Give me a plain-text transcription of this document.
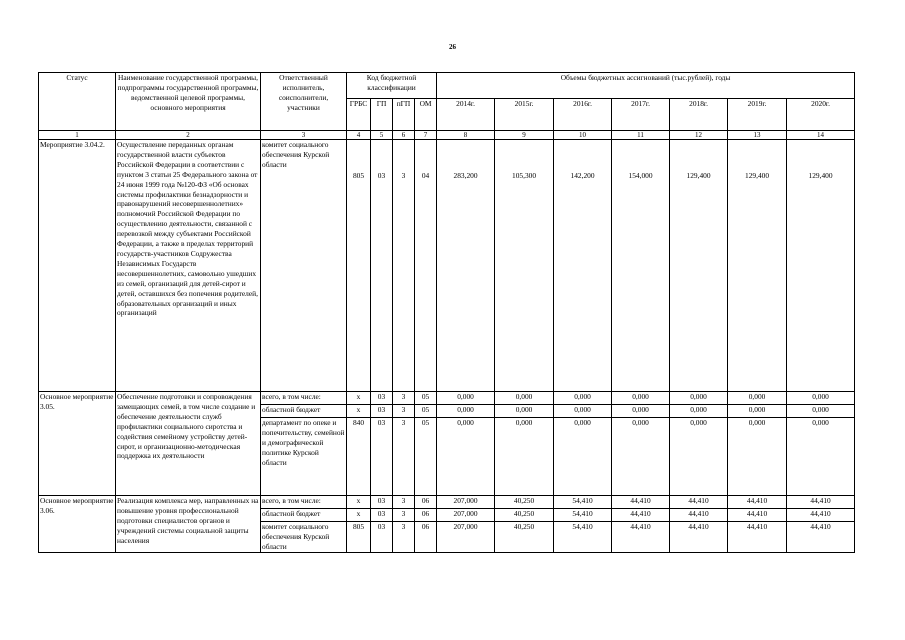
26
Статус	Наименование государственной программы, подпрограммы государственной программы, ведомственной целевой программы, основного мероприятия	Ответственный исполнитель, соисполнители, участники	Код бюджетной классификации				Объемы бюджетных ассигнований (тыс.рублей), годы						
			ГРБС	ГП	пГП	ОМ	2014г.	2015г.	2016г.	2017г.	2018г.	2019г.	2020г.
1	2	3	4	5	6	7	8	9	10	11	12	13	14
Мероприятие 3.04.2.	Осуществление переданных органам государственной власти субъектов Российской Федерации в соответствии с пунктом 3 статьи 25 Федерального закона от 24 июня 1999 года №120-ФЗ «Об основах системы профилактики безнадзорности и правонарушений несовершеннолетних» полномочий Российской Федерации по осуществлению деятельности, связанной с перевозкой между субъектами Российской Федерации, а также в пределах территорий государств-участников Содружества Независимых Государств несовершеннолетних, самовольно ушедших из семей, организаций для детей-сирот и детей, оставшихся без попечения родителей, образовательных организаций и иных организаций	комитет социального обеспечения Курской области	805	03	3	04	283,200	105,300	142,200	154,000	129,400	129,400	129,400
Основное мероприятие 3.05.	Обеспечение подготовки и сопровождения замещающих семей, в том числе создание и обеспечение деятельности служб профилактики социального сиротства и содействия семейному устройству детей-сирот, и организационно-методическая поддержка их деятельности	всего, в том числе:	х	03	3	05	0,000	0,000	0,000	0,000	0,000	0,000	0,000
		областной бюджет	х	03	3	05	0,000	0,000	0,000	0,000	0,000	0,000	0,000
		департамент по опеке и попечительству, семейной и демографической политике Курской области	840	03	3	05	0,000	0,000	0,000	0,000	0,000	0,000	0,000
Основное мероприятие 3.06.	Реализация комплекса мер, направленных на повышение уровня профессиональной подготовки специалистов органов и учреждений системы социальной защиты населения	всего, в том числе:	х	03	3	06	207,000	40,250	54,410	44,410	44,410	44,410	44,410
		областной бюджет	х	03	3	06	207,000	40,250	54,410	44,410	44,410	44,410	44,410
		комитет социального обеспечения Курской области	805	03	3	06	207,000	40,250	54,410	44,410	44,410	44,410	44,410
